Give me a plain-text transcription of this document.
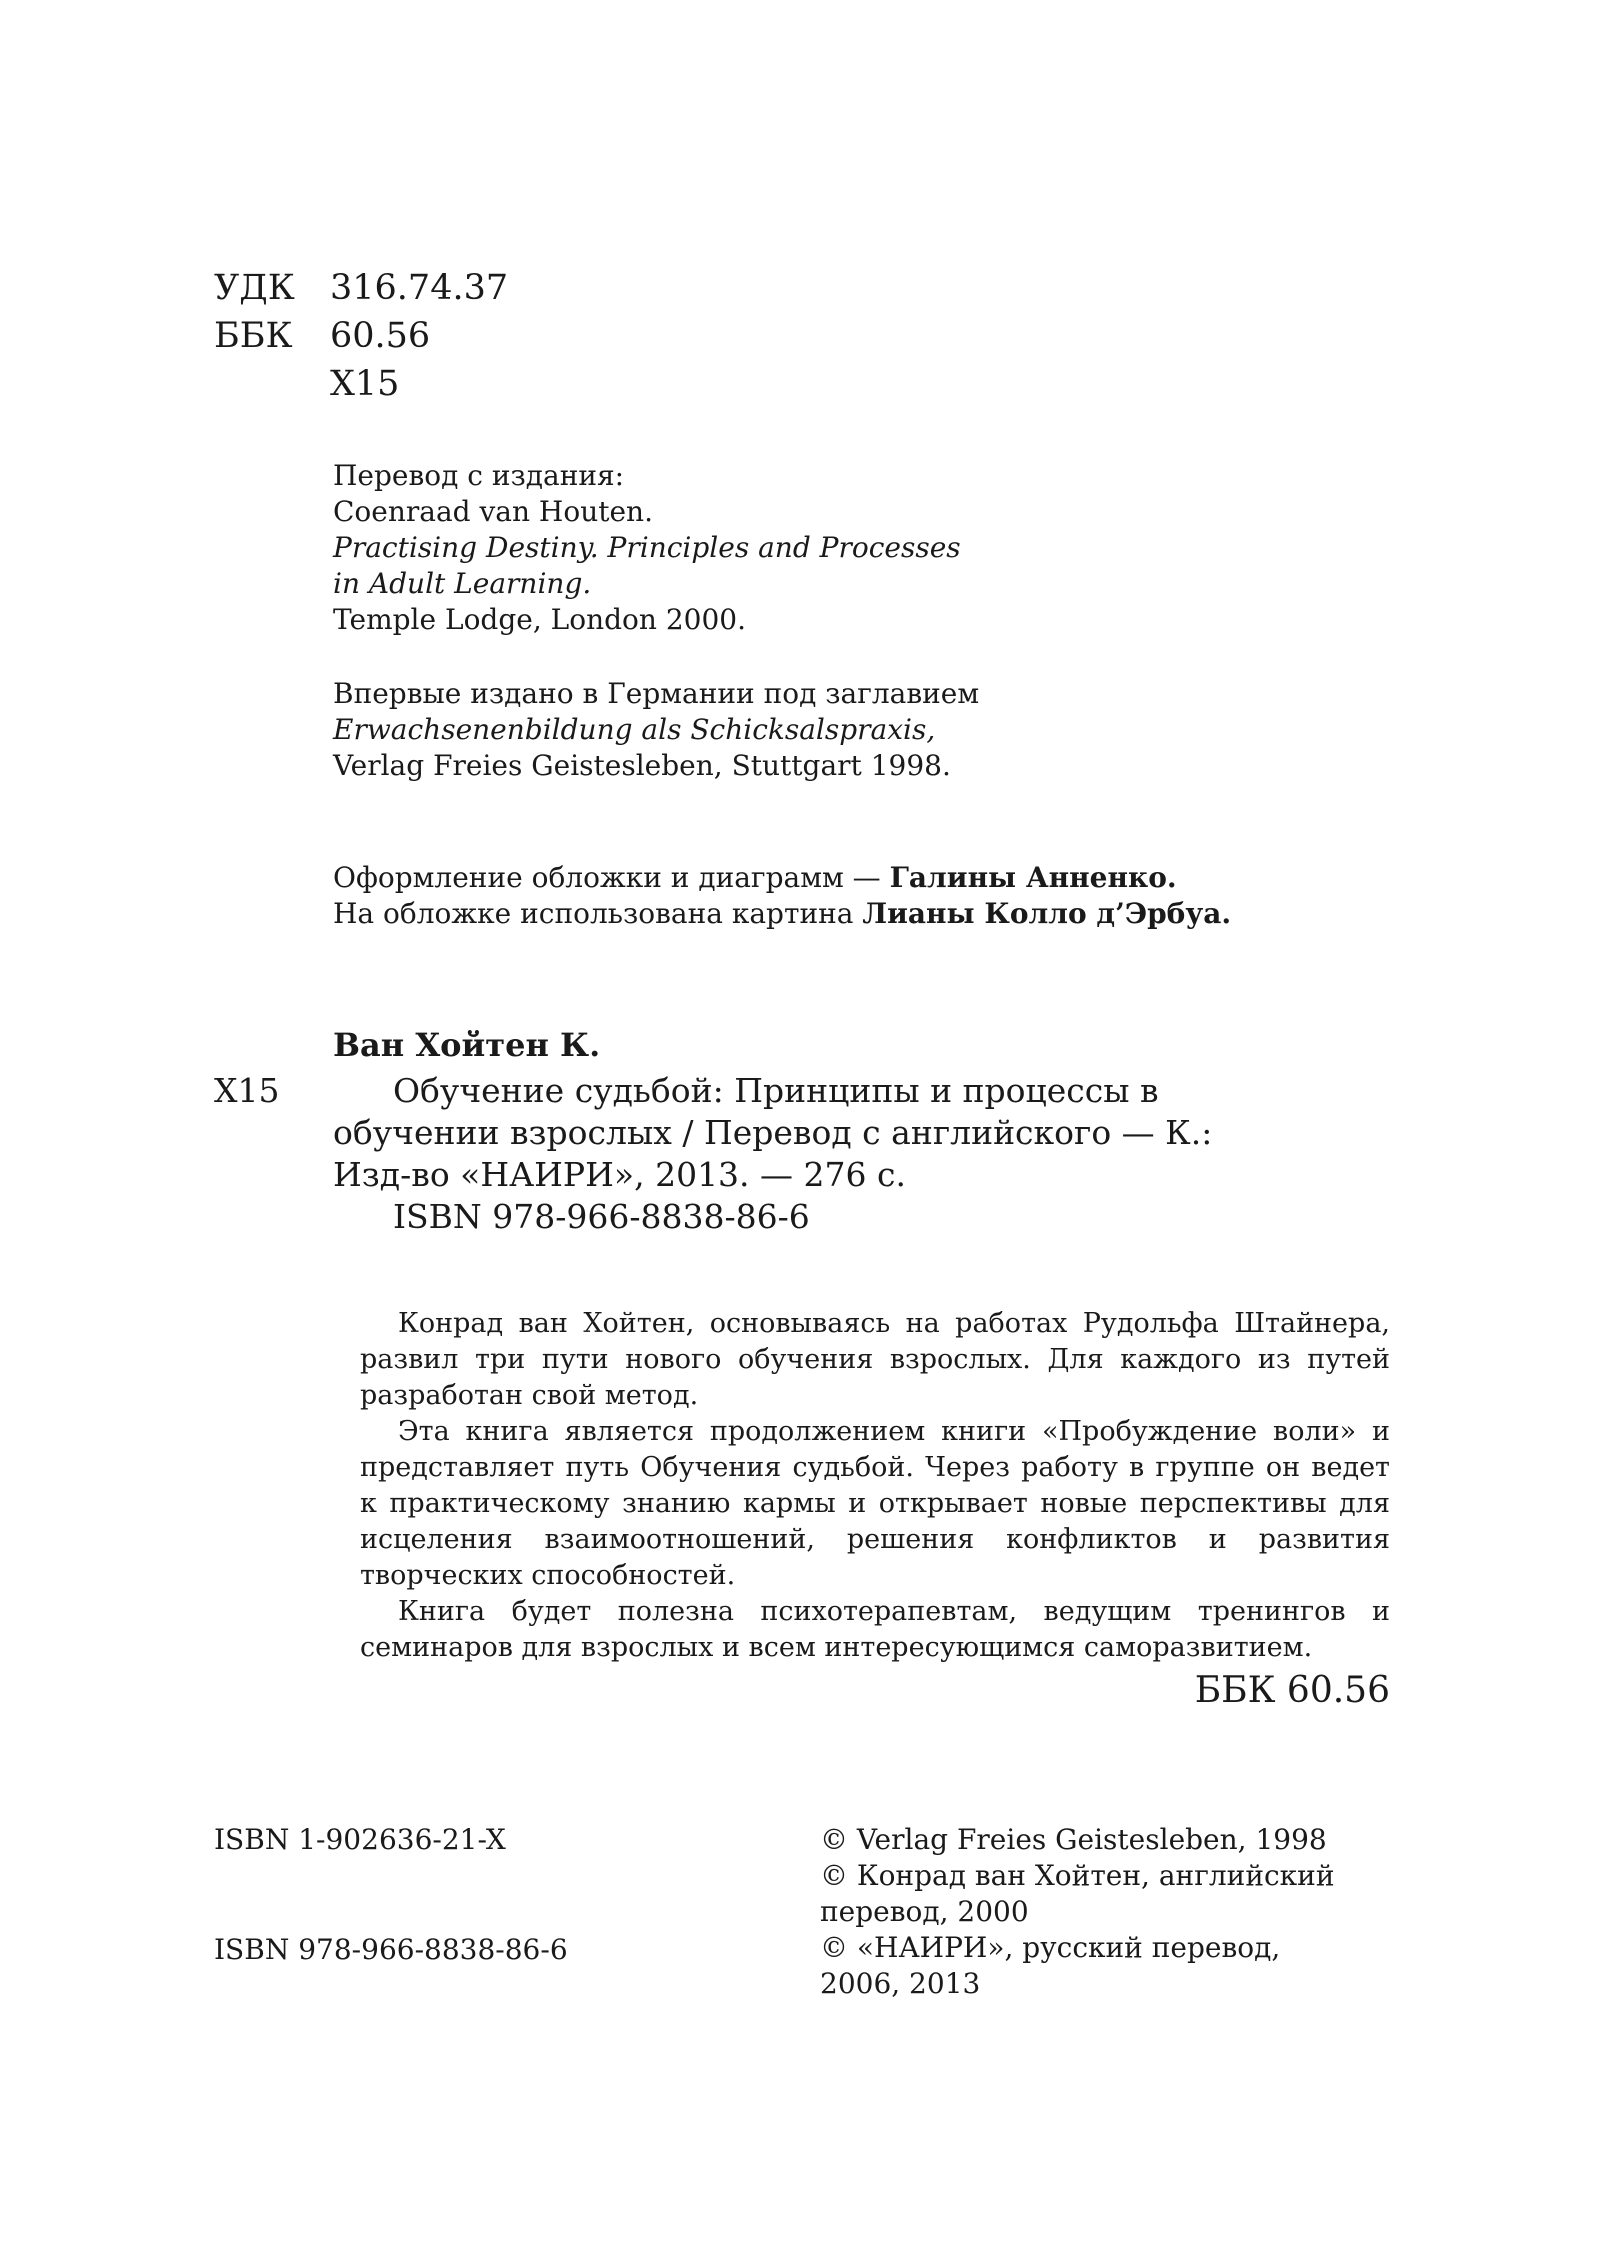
УДК 316.74.37
ББК 60.56
Х15
Перевод с издания:
Coenraad van Houten.
Practising Destiny. Principles and Processes
in Adult Learning.
Temple Lodge, London 2000.
Впервые издано в Германии под заглавием
Erwachsenenbildung als Schicksalspraxis,
Verlag Freies Geistesleben, Stuttgart 1998.
Оформление обложки и диаграмм — Галины Анненко.
На обложке использована картина Лианы Колло д’Эрбуа.
Ван Хойтен К.
Х15	Обучение судьбой: Принципы и процессы в
обучении взрослых / Перевод с английского — К.:
Изд-во «НАИРИ», 2013. — 276 с.
ISBN 978-966-8838-86-6

Конрад ван Хойтен, основываясь на работах Рудольфа Штайнера, развил три пути нового обучения взрослых. Для каждого из путей разработан свой метод.

Эта книга является продолжением книги «Пробуждение воли» и представляет путь Обучения судьбой. Через работу в группе он ведет к практическому знанию кармы и открывает новые перспективы для исцеления взаимоотношений, решения конфликтов и развития творческих способностей.

Книга будет полезна психотерапевтам, ведущим тренингов и семинаров для взрослых и всем интересующимся саморазвитием.

ББК 60.56
ISBN 1-902636-21-X
ISBN 978-966-8838-86-6
© Verlag Freies Geistesleben, 1998
© Конрад ван Хойтен, английский
перевод, 2000
© «НАИРИ», русский перевод,
2006, 2013
